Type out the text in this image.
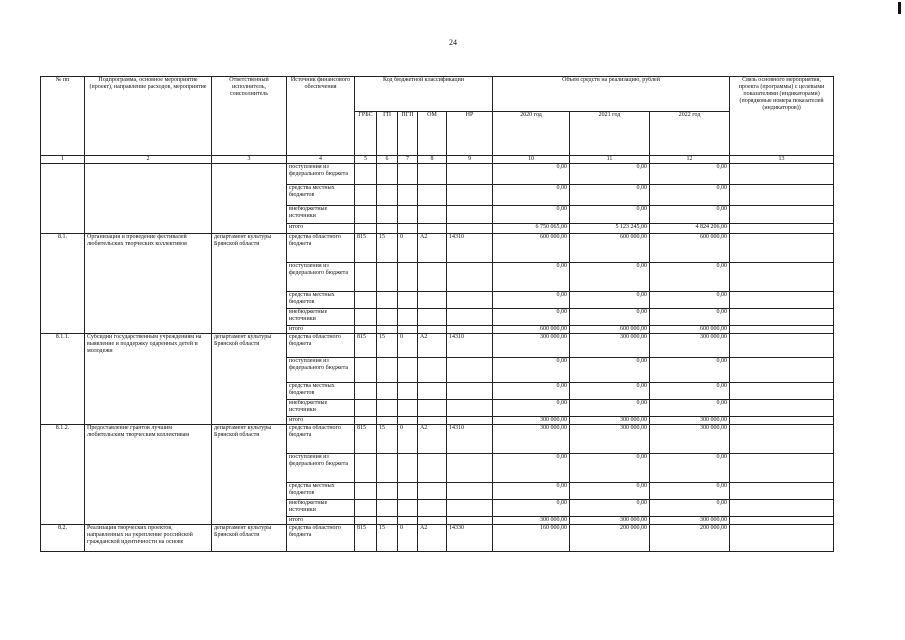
24
№ пп	Подпрограмма, основное мероприятие (проект), направление расходов, мероприятие	Ответственный исполнитель, соисполнитель	Источник финансового обеспечения	Код бюджетной классификации					Объем средств на реализацию, рублей			Связь основного мероприятия, проекта (программы) с целевыми показателями (индикаторами) (порядковые номера показателей (индикаторов))
				ГРБС	ГП	ПГП	ОМ	НР	2020 год	2021 год	2022 год	
1	2	3	4	5	6	7	8	9	10	11	12	13
			поступления из федерального бюджета						0,00	0,00	0,00	
			средства местных бюджетов						0,00	0,00	0,00	
			внебюджетные источники						0,00	0,00	0,00	
			итого						6 750 065,00	5 123 245,00	4 824 206,00	
8.1.	Организация и проведение фестивалей любительских творческих коллективов	департамент культуры Брянской области	средства областного бюджета	815	15	0	А2	14310	600 000,00	600 000,00	600 000,00	
			поступления из федерального бюджета						0,00	0,00	0,00	
			средства местных бюджетов						0,00	0,00	0,00	
			внебюджетные источники						0,00	0,00	0,00	
			итого						600 000,00	600 000,00	600 000,00	
8.1.1.	Субсидии государственным учреждениям на выявление и поддержку одаренных детей и молодежи	департамент культуры Брянской области	средства областного бюджета	815	15	0	А2	14310	300 000,00	300 000,00	300 000,00	
			поступления из федерального бюджета						0,00	0,00	0,00	
			средства местных бюджетов						0,00	0,00	0,00	
			внебюджетные источники						0,00	0,00	0,00	
			итого						300 000,00	300 000,00	300 000,00	
8.1.2.	Предоставление грантов лучшим любительским творческим коллективам	департамент культуры Брянской области	средства областного бюджета	815	15	0	А2	14310	300 000,00	300 000,00	300 000,00	
			поступления из федерального бюджета						0,00	0,00	0,00	
			средства местных бюджетов						0,00	0,00	0,00	
			внебюджетные источники						0,00	0,00	0,00	
			итого						300 000,00	300 000,00	300 000,00	
8.2.	Реализация творческих проектов, направленных на укрепление российской гражданской идентичности на основе	департамент культуры Брянской области	средства областного бюджета	815	15	0	А2	14330	160 000,00	200 000,00	200 000,00	
